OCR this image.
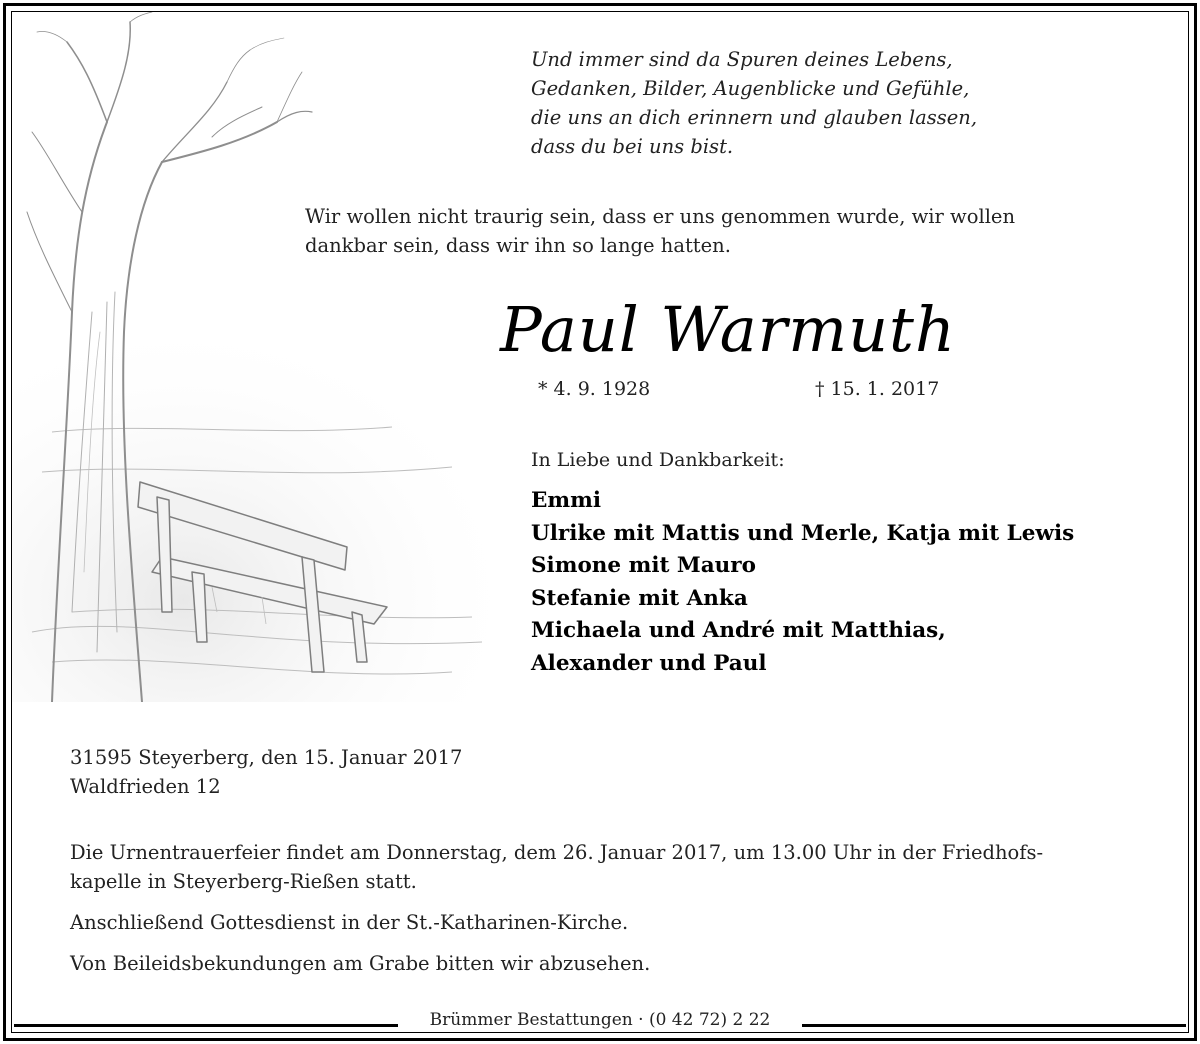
Und immer sind da Spuren deines Lebens,
Gedanken, Bilder, Augenblicke und Gefühle,
die uns an dich erinnern und glauben lassen,
dass du bei uns bist.
Wir wollen nicht traurig sein, dass er uns genommen wurde, wir wollen
dankbar sein, dass wir ihn so lange hatten.
Paul Warmuth
* 4. 9. 1928	† 15. 1. 2017
In Liebe und Dankbarkeit:
Emmi
Ulrike mit Mattis und Merle, Katja mit Lewis
Simone mit Mauro
Stefanie mit Anka
Michaela und André mit Matthias,
Alexander und Paul
31595 Steyerberg, den 15. Januar 2017
Waldfrieden 12

Die Urnentrauerfeier findet am Donnerstag, dem 26. Januar 2017, um 13.00 Uhr in der Friedhofs-
kapelle in Steyerberg-Rießen statt.

Anschließend Gottesdienst in der St.-Katharinen-Kirche.

Von Beileidsbekundungen am Grabe bitten wir abzusehen.

Brümmer Bestattungen · (0 42 72) 2 22
